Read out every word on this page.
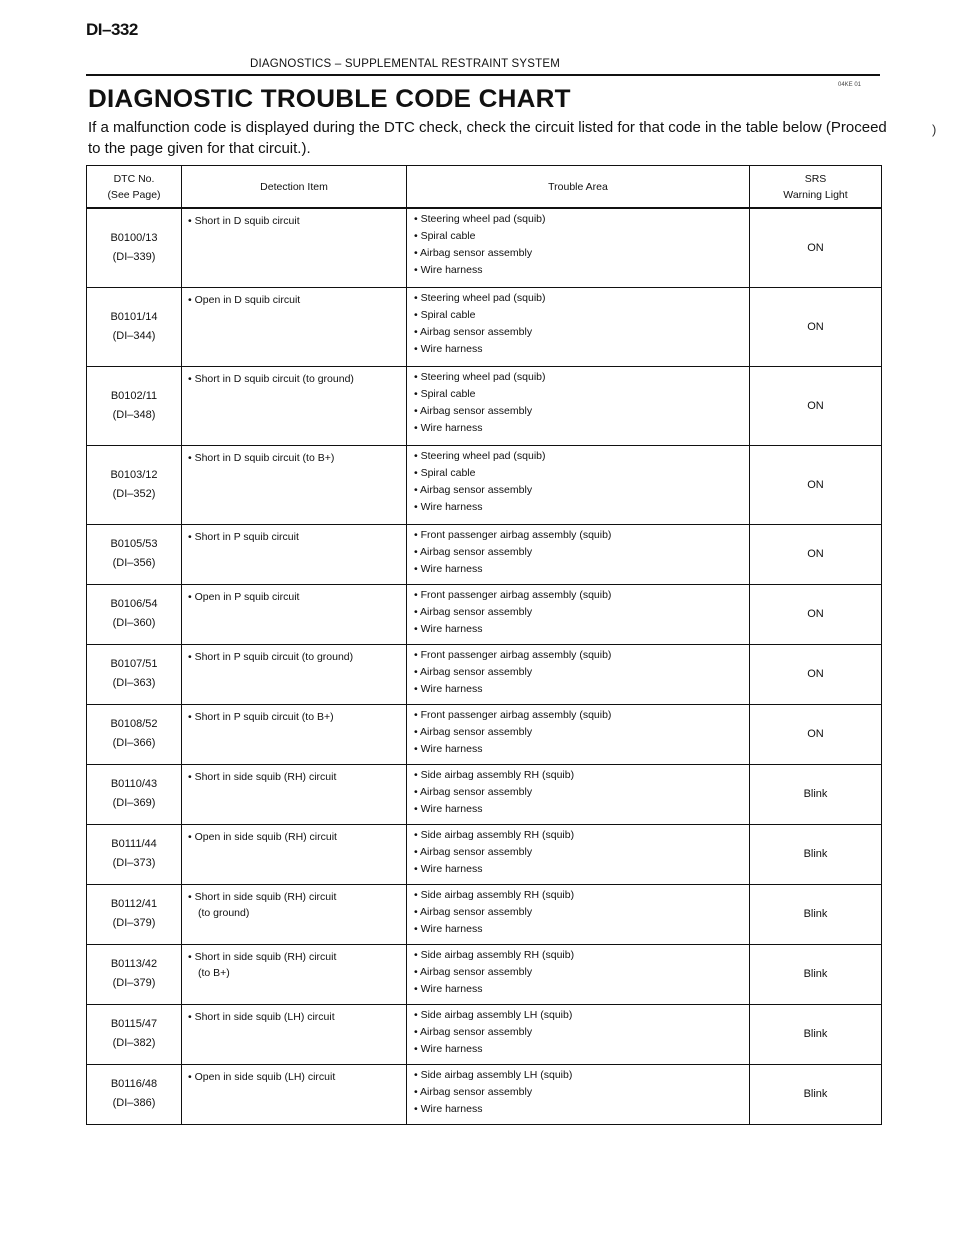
DI–332
DIAGNOSTICS – SUPPLEMENTAL RESTRAINT SYSTEM
04KE 01
DIAGNOSTIC TROUBLE CODE CHART
If a malfunction code is displayed during the DTC check, check the circuit listed for that code in the table below (Proceed to the page given for that circuit.).
)
DTC No.
(See Page)	Detection Item	Trouble Area	SRS
Warning Light

B0100/13
(DI–339)	• Short in D squib circuit	• Steering wheel pad (squib)
• Spiral cable
• Airbag sensor assembly
• Wire harness	ON

B0101/14
(DI–344)	• Open in D squib circuit	• Steering wheel pad (squib)
• Spiral cable
• Airbag sensor assembly
• Wire harness	ON

B0102/11
(DI–348)	• Short in D squib circuit (to ground)	• Steering wheel pad (squib)
• Spiral cable
• Airbag sensor assembly
• Wire harness	ON

B0103/12
(DI–352)	• Short in D squib circuit (to B+)	• Steering wheel pad (squib)
• Spiral cable
• Airbag sensor assembly
• Wire harness	ON

B0105/53
(DI–356)	• Short in P squib circuit	• Front passenger airbag assembly (squib)
• Airbag sensor assembly
• Wire harness	ON

B0106/54
(DI–360)	• Open in P squib circuit	• Front passenger airbag assembly (squib)
• Airbag sensor assembly
• Wire harness	ON

B0107/51
(DI–363)	• Short in P squib circuit (to ground)	• Front passenger airbag assembly (squib)
• Airbag sensor assembly
• Wire harness	ON

B0108/52
(DI–366)	• Short in P squib circuit (to B+)	• Front passenger airbag assembly (squib)
• Airbag sensor assembly
• Wire harness	ON

B0110/43
(DI–369)	• Short in side squib (RH) circuit	• Side airbag assembly RH (squib)
• Airbag sensor assembly
• Wire harness	Blink

B0111/44
(DI–373)	• Open in side squib (RH) circuit	• Side airbag assembly RH (squib)
• Airbag sensor assembly
• Wire harness	Blink

B0112/41
(DI–379)	• Short in side squib (RH) circuit
(to ground)	• Side airbag assembly RH (squib)
• Airbag sensor assembly
• Wire harness	Blink

B0113/42
(DI–379)	• Short in side squib (RH) circuit
(to B+)	• Side airbag assembly RH (squib)
• Airbag sensor assembly
• Wire harness	Blink

B0115/47
(DI–382)	• Short in side squib (LH) circuit	• Side airbag assembly LH (squib)
• Airbag sensor assembly
• Wire harness	Blink

B0116/48
(DI–386)	• Open in side squib (LH) circuit	• Side airbag assembly LH (squib)
• Airbag sensor assembly
• Wire harness	Blink
